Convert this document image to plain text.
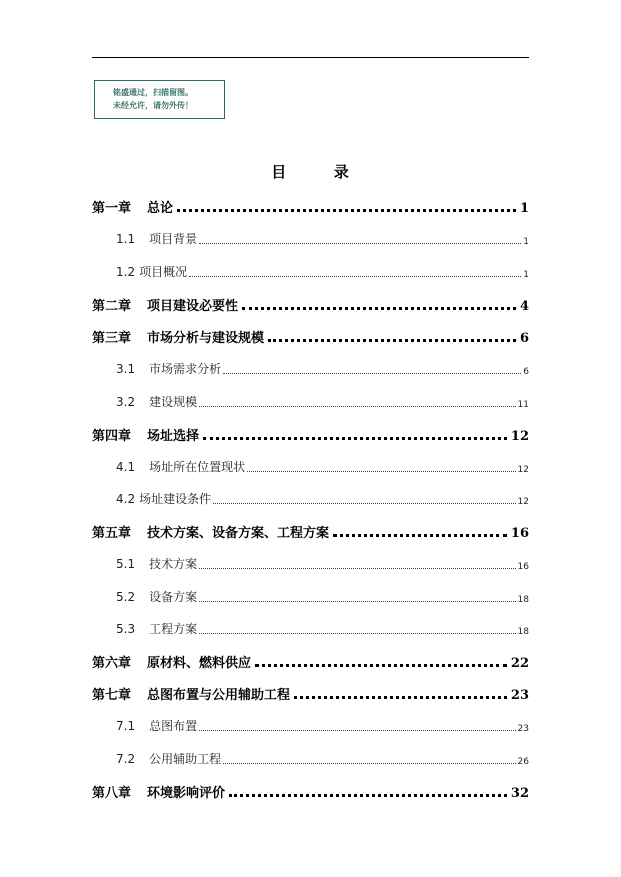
铭盛通过，扫描留图。
未经允许，请勿外传！
目	录
第一章 总论	1
1.1 项目背景	1
1.2 项目概况	1
第二章 项目建设必要性	4
第三章 市场分析与建设规模	6
3.1 市场需求分析	6
3.2 建设规模	11
第四章 场址选择	12
4.1 场址所在位置现状	12
4.2 场址建设条件	12
第五章 技术方案、设备方案、工程方案	16
5.1 技术方案	16
5.2 设备方案	18
5.3 工程方案	18
第六章 原材料、燃料供应	22
第七章 总图布置与公用辅助工程	23
7.1 总图布置	23
7.2 公用辅助工程	26
第八章 环境影响评价	32
